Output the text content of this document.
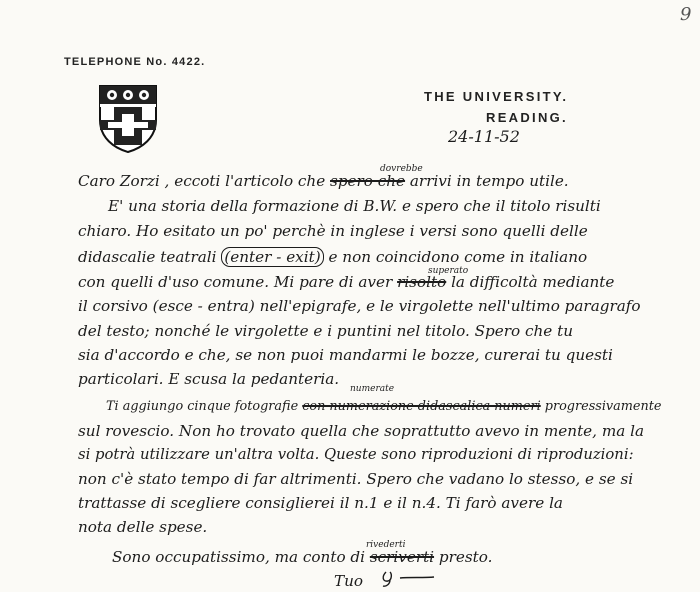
9
TELEPHONE No. 4422.
THE UNIVERSITY.
READING.
24-11-52
Caro Zorzi , eccoti l'articolo che spero che arrivi in tempo utile.
dovrebbe
E' una storia della formazione di B.W. e spero che il titolo risulti
chiaro. Ho esitato un po' perchè in inglese i versi sono quelli delle
didascalie teatrali (enter - exit) e non coincidono come in italiano
con quelli d'uso comune. Mi pare di aver risolto la difficoltà mediante
superato
il corsivo (esce - entra) nell'epigrafe, e le virgolette nell'ultimo paragrafo
del testo; nonché le virgolette e i puntini nel titolo. Spero che tu
sia d'accordo e che, se non puoi mandarmi le bozze, curerai tu questi
particolari. E scusa la pedanteria.
Ti aggiungo cinque fotografie con numerazione didascalica numeri progressivamente
numerate
sul rovescio. Non ho trovato quella che soprattutto avevo in mente, ma la
si potrà utilizzare un'altra volta. Queste sono riproduzioni di riproduzioni:
non c'è stato tempo di far altrimenti. Spero che vadano lo stesso, e se si
trattasse di scegliere consiglierei il n.1 e il n.4. Ti farò avere la
nota delle spese.
Sono occupatissimo, ma conto di scriverti presto.
rivederti
Tuo
